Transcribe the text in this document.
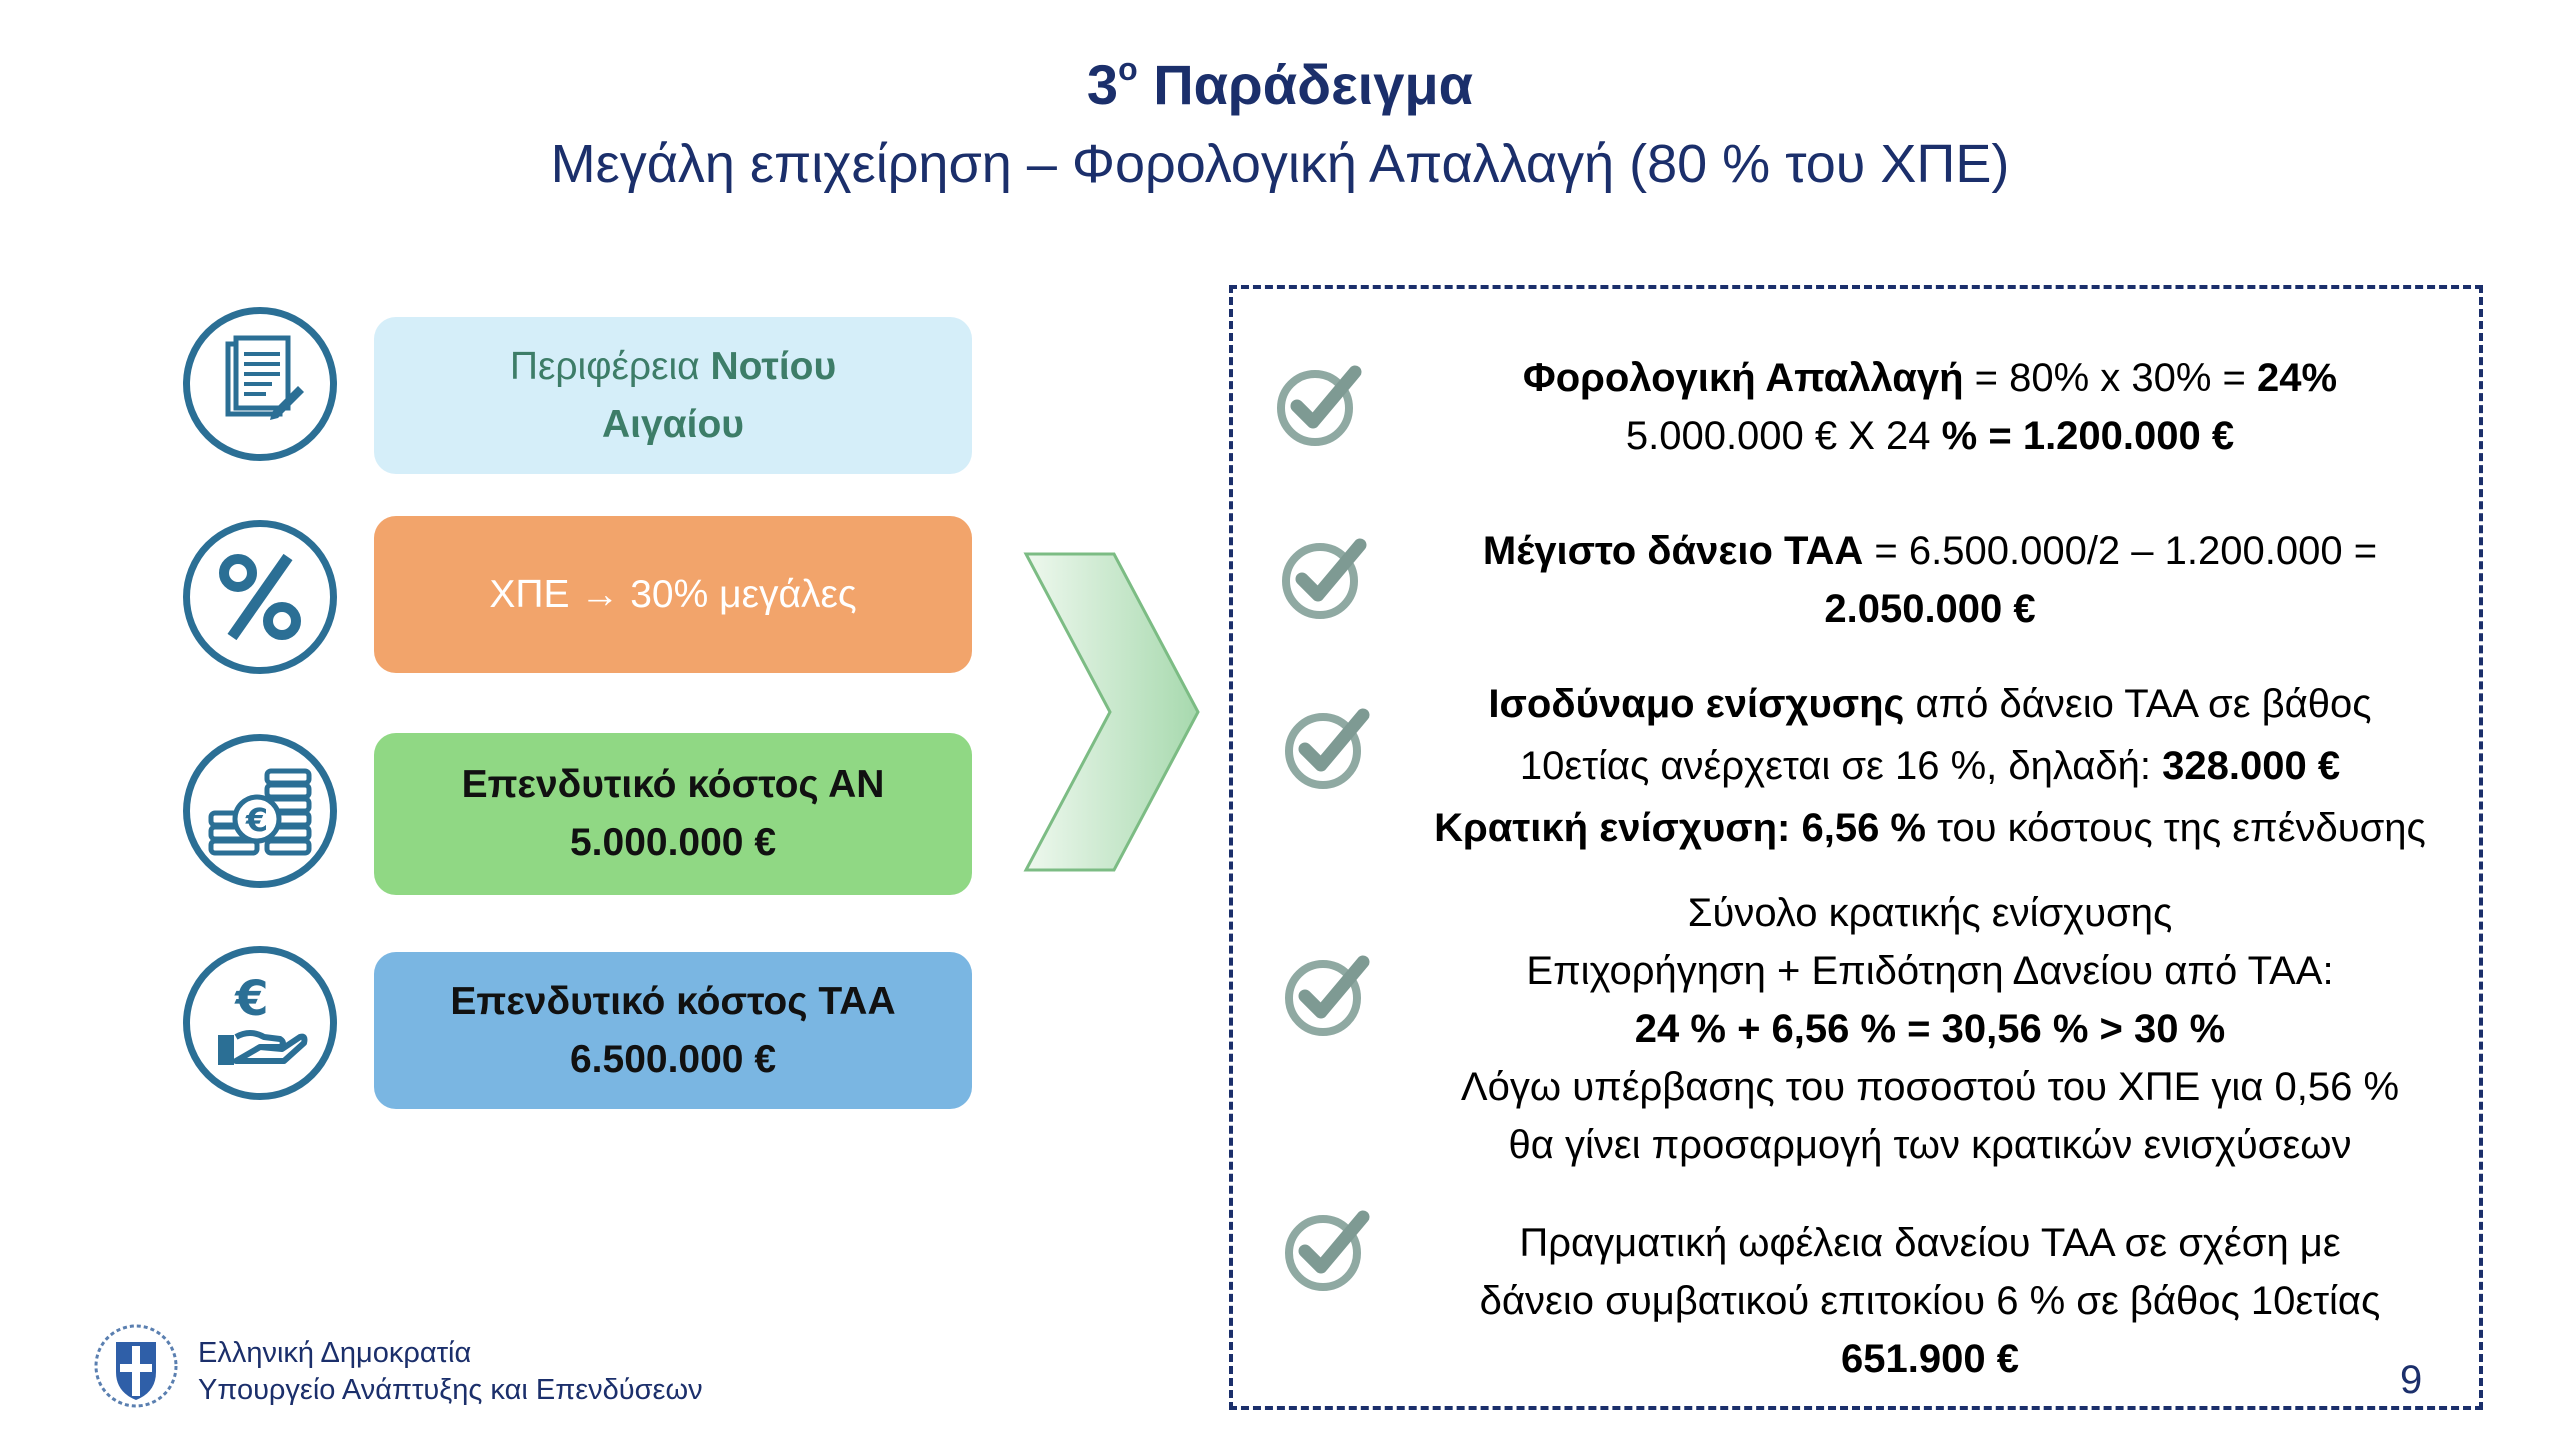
$3^o$ Παράδειγμα
Μεγάλη επιχείρηση – Φορολογική Απαλλαγή (80 % του ΧΠΕ)
€
€
Περιφέρεια Νοτίου
Αιγαίου
ΧΠΕ → 30% μεγάλες
Επενδυτικό κόστος ΑΝ
5.000.000 €
Επενδυτικό κόστος ΤΑΑ
6.500.000 €
Φορολογική Απαλλαγή = 80% x 30% = 24%
5.000.000 € X 24 % = 1.200.000 €
Μέγιστο δάνειο ΤΑΑ = 6.500.000/2 – 1.200.000 =
2.050.000 €
Ισοδύναμο ενίσχυσης από δάνειο ΤΑΑ σε βάθος
10ετίας ανέρχεται σε 16 %, δηλαδή: 328.000 €
Κρατική ενίσχυση: 6,56 % του κόστους της επένδυσης
Σύνολο κρατικής ενίσχυσης
Επιχορήγηση + Επιδότηση Δανείου από ΤΑΑ:
24 % + 6,56 % = 30,56 % > 30 %
Λόγω υπέρβασης του ποσοστού του ΧΠΕ για 0,56 %
θα γίνει προσαρμογή των κρατικών ενισχύσεων
Πραγματική ωφέλεια δανείου ΤΑΑ σε σχέση με
δάνειο συμβατικού επιτοκίου 6 % σε βάθος 10ετίας
651.900 €
Ελληνική Δημοκρατία
Υπουργείο Ανάπτυξης και Επενδύσεων	9
